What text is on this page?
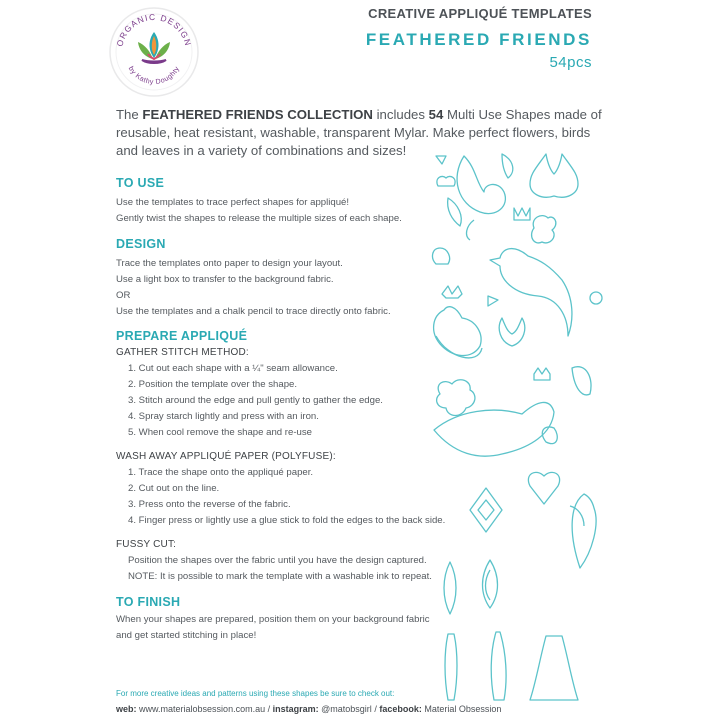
ORGANIC DESIGN
by Kathy Doughty
CREATIVE APPLIQUÉ TEMPLATES
FEATHERED FRIENDS
54pcs
The FEATHERED FRIENDS COLLECTION includes 54 Multi Use Shapes made of reusable, heat resistant, washable, transparent Mylar. Make perfect flowers, birds and leaves in a variety of combinations and sizes!
TO USE
Use the templates to trace perfect shapes for appliqué!
Gently twist the shapes to release the multiple sizes of each shape.
DESIGN
Trace the templates onto paper to design your layout.
Use a light box to transfer to the background fabric.
OR
Use the templates and a chalk pencil to trace directly onto fabric.
PREPARE APPLIQUÉ
GATHER STITCH METHOD:
1. Cut out each shape with a ¼" seam allowance.
2. Position the template over the shape.
3. Stitch around the edge and pull gently to gather the edge.
4. Spray starch lightly and press with an iron.
5. When cool remove the shape and re-use
WASH AWAY APPLIQUÉ PAPER (POLYFUSE):
1. Trace the shape onto the appliqué paper.
2. Cut out on the line.
3. Press onto the reverse of the fabric.
4. Finger press or lightly use a glue stick to fold the edges to the back side.
FUSSY CUT:
Position the shapes over the fabric until you have the design captured.
NOTE: It is possible to mark the template with a washable ink to repeat.
TO FINISH
When your shapes are prepared, position them on your background fabric
and get started stitching in place!
For more creative ideas and patterns using these shapes be sure to check out:
web: www.materialobsession.com.au / instagram: @matobsgirl / facebook: Material Obsession
